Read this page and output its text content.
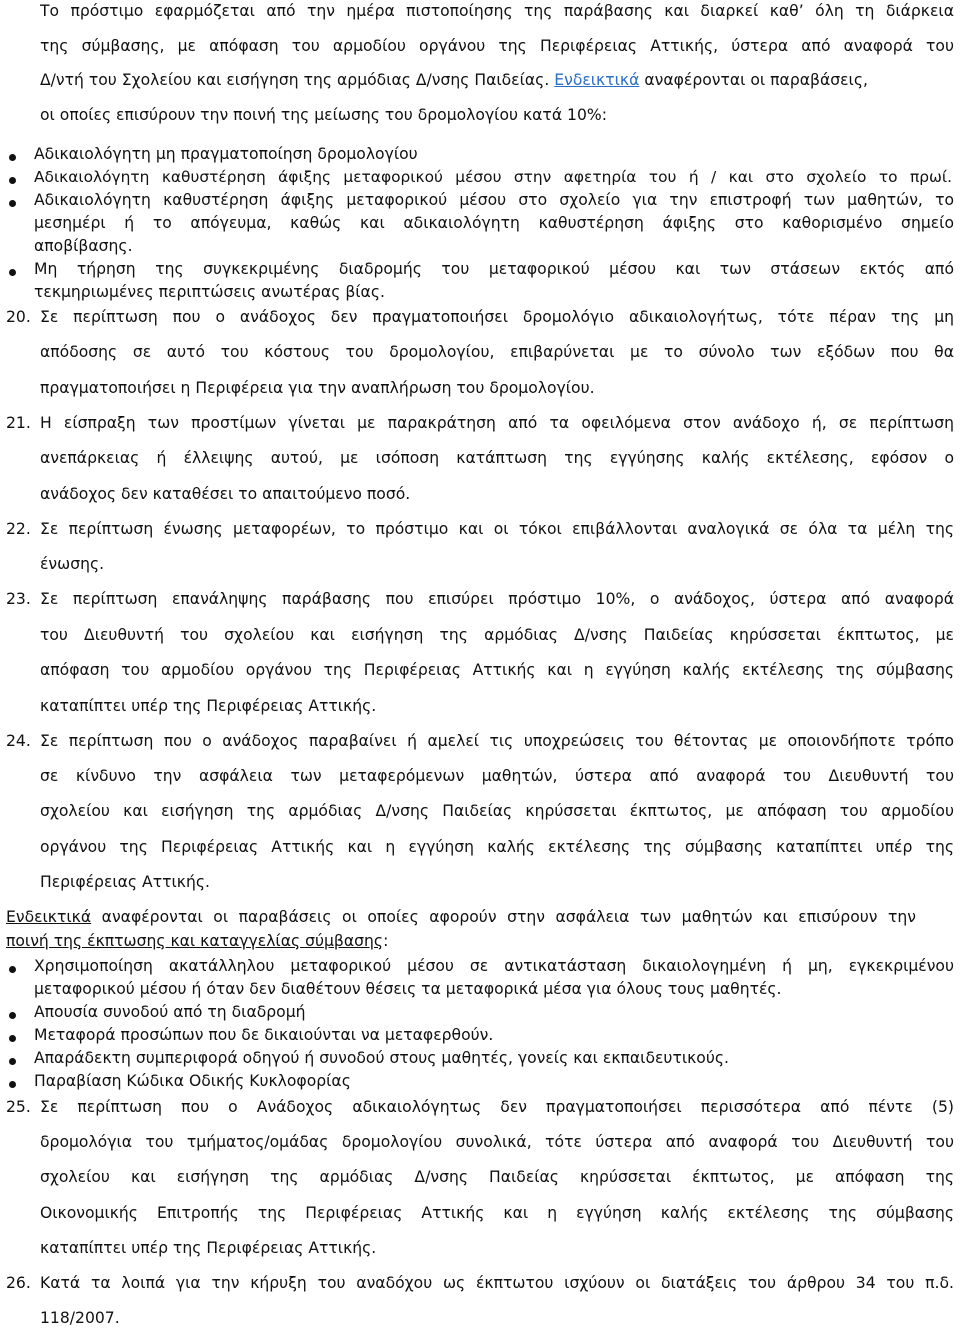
Το πρόστιμο εφαρμόζεται από την ημέρα πιστοποίησης της παράβασης και διαρκεί καθ’ όλη τη διάρκεια
της σύμβασης, με απόφαση του αρμοδίου οργάνου της Περιφέρειας Αττικής, ύστερα από αναφορά του
Δ/ντή του Σχολείου και εισήγηση της αρμόδιας Δ/νσης Παιδείας. Ενδεικτικά αναφέρονται οι παραβάσεις,
οι οποίες επισύρουν την ποινή της μείωσης του δρομολογίου κατά 10%:
Αδικαιολόγητη μη πραγματοποίηση δρομολογίου
Αδικαιολόγητη καθυστέρηση άφιξης μεταφορικού μέσου στην αφετηρία του ή / και στο σχολείο το πρωί.
Αδικαιολόγητη καθυστέρηση άφιξης μεταφορικού μέσου στο σχολείο για την επιστροφή των μαθητών, το
μεσημέρι ή το απόγευμα, καθώς και αδικαιολόγητη καθυστέρηση άφιξης στο καθορισμένο σημείο
αποβίβασης.
Μη τήρηση της συγκεκριμένης διαδρομής του μεταφορικού μέσου και των στάσεων εκτός από
τεκμηριωμένες περιπτώσεις ανωτέρας βίας.
20. Σε περίπτωση που ο ανάδοχος δεν πραγματοποιήσει δρομολόγιο αδικαιολογήτως, τότε πέραν της μη
απόδοσης σε αυτό του κόστους του δρομολογίου, επιβαρύνεται με το σύνολο των εξόδων που θα
πραγματοποιήσει η Περιφέρεια για την αναπλήρωση του δρομολογίου.
21. Η είσπραξη των προστίμων γίνεται με παρακράτηση από τα οφειλόμενα στον ανάδοχο ή, σε περίπτωση
ανεπάρκειας ή έλλειψης αυτού, με ισόποση κατάπτωση της εγγύησης καλής εκτέλεσης, εφόσον ο
ανάδοχος δεν καταθέσει το απαιτούμενο ποσό.
22. Σε περίπτωση ένωσης μεταφορέων, το πρόστιμο και οι τόκοι επιβάλλονται αναλογικά σε όλα τα μέλη της
ένωσης.
23. Σε περίπτωση επανάληψης παράβασης που επισύρει πρόστιμο 10%, ο ανάδοχος, ύστερα από αναφορά
του Διευθυντή του σχολείου και εισήγηση της αρμόδιας Δ/νσης Παιδείας κηρύσσεται έκπτωτος, με
απόφαση του αρμοδίου οργάνου της Περιφέρειας Αττικής και η εγγύηση καλής εκτέλεσης της σύμβασης
καταπίπτει υπέρ της Περιφέρειας Αττικής.
24. Σε περίπτωση που ο ανάδοχος παραβαίνει ή αμελεί τις υποχρεώσεις του θέτοντας με οποιονδήποτε τρόπο
σε κίνδυνο την ασφάλεια των μεταφερόμενων μαθητών, ύστερα από αναφορά του Διευθυντή του
σχολείου και εισήγηση της αρμόδιας Δ/νσης Παιδείας κηρύσσεται έκπτωτος, με απόφαση του αρμοδίου
οργάνου της Περιφέρειας Αττικής και η εγγύηση καλής εκτέλεσης της σύμβασης καταπίπτει υπέρ της
Περιφέρειας Αττικής.
Ενδεικτικά αναφέρονται οι παραβάσεις οι οποίες αφορούν στην ασφάλεια των μαθητών και επισύρουν την
ποινή της έκπτωσης και καταγγελίας σύμβασης:
Χρησιμοποίηση ακατάλληλου μεταφορικού μέσου σε αντικατάσταση δικαιολογημένη ή μη, εγκεκριμένου
μεταφορικού μέσου ή όταν δεν διαθέτουν θέσεις τα μεταφορικά μέσα για όλους τους μαθητές.
Απουσία συνοδού από τη διαδρομή
Μεταφορά προσώπων που δε δικαιούνται να μεταφερθούν.
Απαράδεκτη συμπεριφορά οδηγού ή συνοδού στους μαθητές, γονείς και εκπαιδευτικούς.
Παραβίαση Κώδικα Οδικής Κυκλοφορίας
25. Σε περίπτωση που ο Ανάδοχος αδικαιολόγητως δεν πραγματοποιήσει περισσότερα από πέντε (5)
δρομολόγια του τμήματος/ομάδας δρομολογίου συνολικά, τότε ύστερα από αναφορά του Διευθυντή του
σχολείου και εισήγηση της αρμόδιας Δ/νσης Παιδείας κηρύσσεται έκπτωτος, με απόφαση της
Οικονομικής Επιτροπής της Περιφέρειας Αττικής και η εγγύηση καλής εκτέλεσης της σύμβασης
καταπίπτει υπέρ της Περιφέρειας Αττικής.
26. Κατά τα λοιπά για την κήρυξη του αναδόχου ως έκπτωτου ισχύουν οι διατάξεις του άρθρου 34 του π.δ.
118/2007.
